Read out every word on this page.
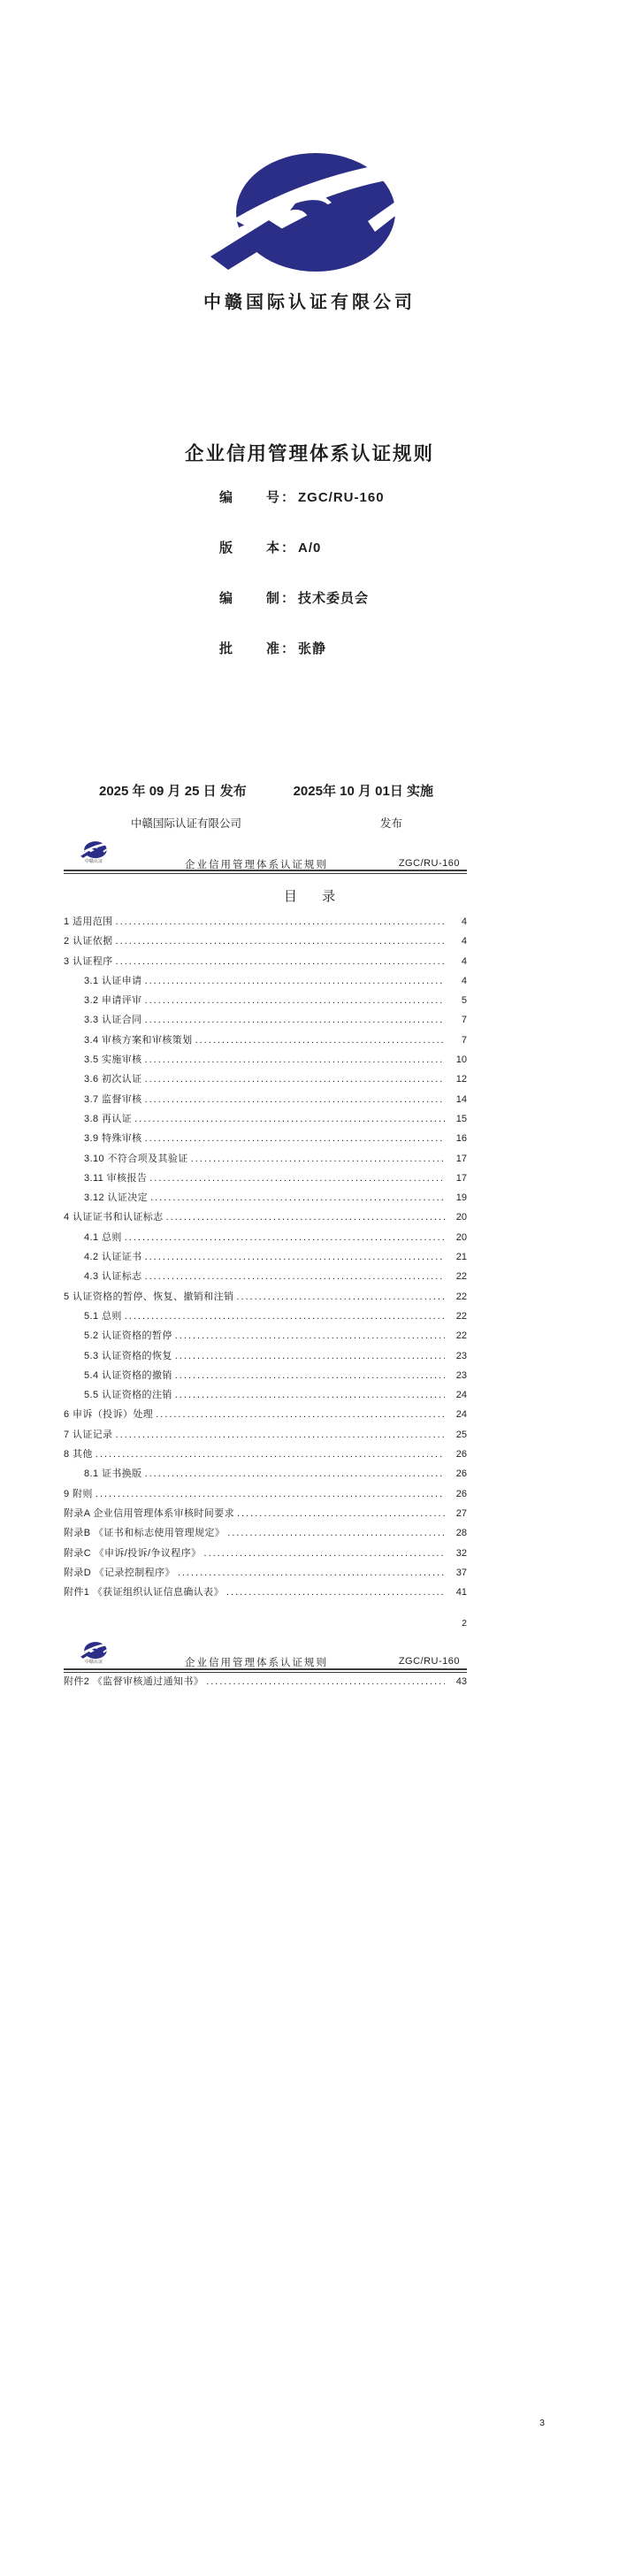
中赣国际认证有限公司
企业信用管理体系认证规则
编	号 ： ZGC/RU-160
版	本 ： A/0
编	制 ： 技术委员会
批	准 ： 张静
2025 年 09 月 25 日 发布	2025年 10 月 01日 实施
中赣国际认证有限公司	发布
中赣认证	企业信用管理体系认证规则	ZGC/RU-160
目 录
1 适用范围 .....	4
2 认证依据 .....	4
3 认证程序 .....	4
3.1 认证申请 .....	4
3.2 申请评审 .....	5
3.3 认证合同 .....	7
3.4 审核方案和审核策划 .....	7
3.5 实施审核 .....	10
3.6 初次认证 .....	12
3.7 监督审核 .....	14
3.8 再认证 .....	15
3.9 特殊审核 .....	16
3.10 不符合项及其验证 .....	17
3.11 审核报告 .....	17
3.12 认证决定 .....	19
4 认证证书和认证标志 .....	20
4.1 总则 .....	20
4.2 认证证书 .....	21
4.3 认证标志 .....	22
5 认证资格的暂停、恢复、撤销和注销 .....	22
5.1 总则 .....	22
5.2 认证资格的暂停 .....	22
5.3 认证资格的恢复 .....	23
5.4 认证资格的撤销 .....	23
5.5 认证资格的注销 .....	24
6 申诉（投诉）处理 .....	24
7 认证记录 .....	25
8 其他 .....	26
8.1 证书换版 .....	26
9 附则 .....	26
附录A 企业信用管理体系审核时间要求 .....	27
附录B 《证书和标志使用管理规定》 .....	28
附录C 《申诉/投诉/争议程序》 .....	32
附录D 《记录控制程序》 .....	37
附件1 《获证组织认证信息确认表》 .....	41
2
中赣认证	企业信用管理体系认证规则	ZGC/RU-160
附件2 《监督审核通过通知书》 .....	43
3
